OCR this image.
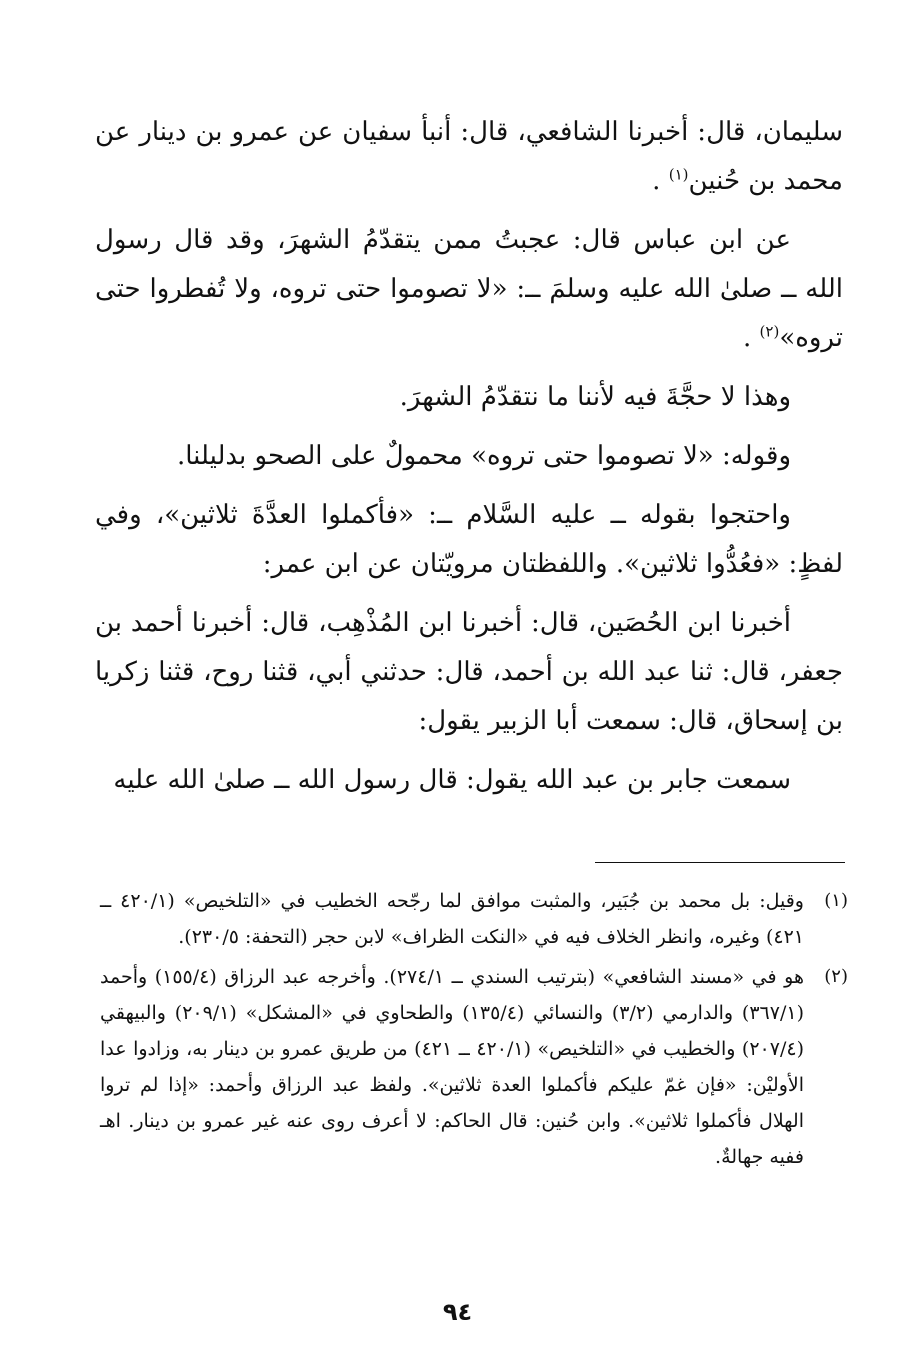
سليمان، قال: أخبرنا الشافعي، قال: أنبأ سفيان عن عمرو بن دينار عن محمد بن حُنين$^{(١)}$ .

عن ابن عباس قال: عجبتُ ممن يتقدّمُ الشهرَ، وقد قال رسول الله ــ صلىٰ الله عليه وسلمَ ــ: «لا تصوموا حتى تروه، ولا تُفطروا حتى تروه»$^{(٢)}$ .

وهذا لا حجَّةَ فيه لأننا ما نتقدّمُ الشهرَ.

وقوله: «لا تصوموا حتى تروه» محمولٌ على الصحو بدليلنا.

واحتجوا بقوله ــ عليه السَّلام ــ: «فأكملوا العدَّةَ ثلاثين»، وفي لفظٍ: «فعُدُّوا ثلاثين». واللفظتان مرويّتان عن ابن عمر:

أخبرنا ابن الحُصَين، قال: أخبرنا ابن المُذْهِب، قال: أخبرنا أحمد بن جعفر، قال: ثنا عبد الله بن أحمد، قال: حدثني أبي، قثنا روح، قثنا زكريا بن إسحاق، قال: سمعت أبا الزبير يقول:

سمعت جابر بن عبد الله يقول: قال رسول الله ــ صلىٰ الله عليه

(١)
وقيل: بل محمد بن جُبَير، والمثبت موافق لما رجّحه الخطيب في «التلخيص» (٤٢٠/١ ــ ٤٢١) وغيره، وانظر الخلاف فيه في «النكت الظراف» لابن حجر (التحفة: ٢٣٠/٥).
(٢)
هو في «مسند الشافعي» (بترتيب السندي ــ ٢٧٤/١). وأخرجه عبد الرزاق (١٥٥/٤) وأحمد (٣٦٧/١) والدارمي (٣/٢) والنسائي (١٣٥/٤) والطحاوي في «المشكل» (٢٠٩/١) والبيهقي (٢٠٧/٤) والخطيب في «التلخيص» (٤٢٠/١ ــ ٤٢١) من طريق عمرو بن دينار به، وزادوا عدا الأوليْن: «فإن غمّ عليكم فأكملوا العدة ثلاثين». ولفظ عبد الرزاق وأحمد: «إذا لم تروا الهلال فأكملوا ثلاثين». وابن حُنين: قال الحاكم: لا أعرف روى عنه غير عمرو بن دينار. اهـ ففيه جهالةٌ.
٩٤
